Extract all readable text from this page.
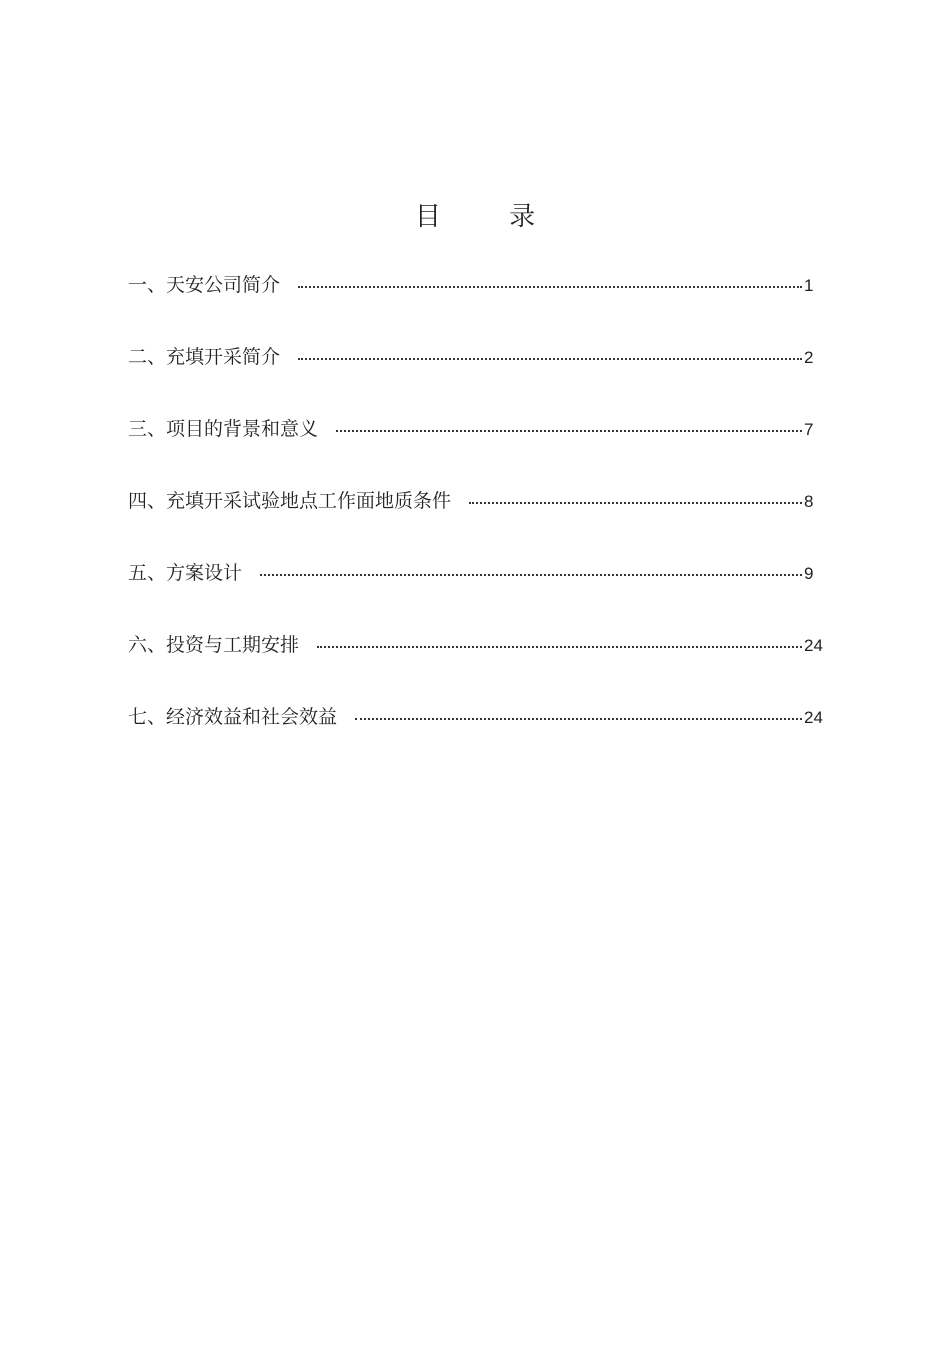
目 录
一、天安公司简介	1
二、充填开采简介	2
三、项目的背景和意义	7
四、充填开采试验地点工作面地质条件	8
五、方案设计	9
六、投资与工期安排	24
七、经济效益和社会效益	24
